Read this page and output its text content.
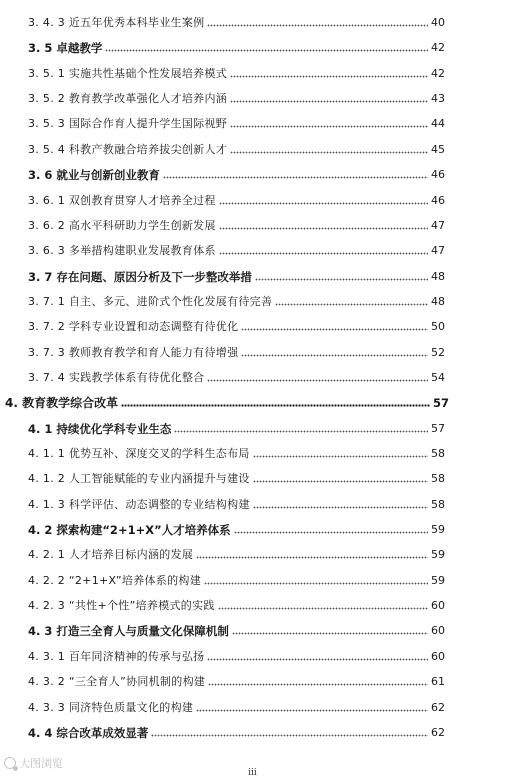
3. 4. 3 近五年优秀本科毕业生案例	40
3. 5 卓越教学	42
3. 5. 1 实施共性基础个性发展培养模式	42
3. 5. 2 教育教学改革强化人才培养内涵	43
3. 5. 3 国际合作育人提升学生国际视野	44
3. 5. 4 科教产教融合培养拔尖创新人才	45
3. 6 就业与创新创业教育	46
3. 6. 1 双创教育贯穿人才培养全过程	46
3. 6. 2 高水平科研助力学生创新发展	47
3. 6. 3 多举措构建职业发展教育体系	47
3. 7 存在问题、原因分析及下一步整改举措	48
3. 7. 1 自主、多元、进阶式个性化发展有待完善	48
3. 7. 2 学科专业设置和动态调整有待优化	50
3. 7. 3 教师教育教学和育人能力有待增强	52
3. 7. 4 实践教学体系有待优化整合	54
4. 教育教学综合改革	57
4. 1 持续优化学科专业生态	57
4. 1. 1 优势互补、深度交叉的学科生态布局	58
4. 1. 2 人工智能赋能的专业内涵提升与建设	58
4. 1. 3 科学评估、动态调整的专业结构构建	58
4. 2 探索构建“2+1+X”人才培养体系	59
4. 2. 1 人才培养目标内涵的发展	59
4. 2. 2 “2+1+X”培养体系的构建	59
4. 2. 3 “共性+个性”培养模式的实践	60
4. 3 打造三全育人与质量文化保障机制	60
4. 3. 1 百年同济精神的传承与弘扬	60
4. 3. 2 “三全育人”协同机制的构建	61
4. 3. 3 同济特色质量文化的构建	62
4. 4 综合改革成效显著	62
大图浏览
iii
